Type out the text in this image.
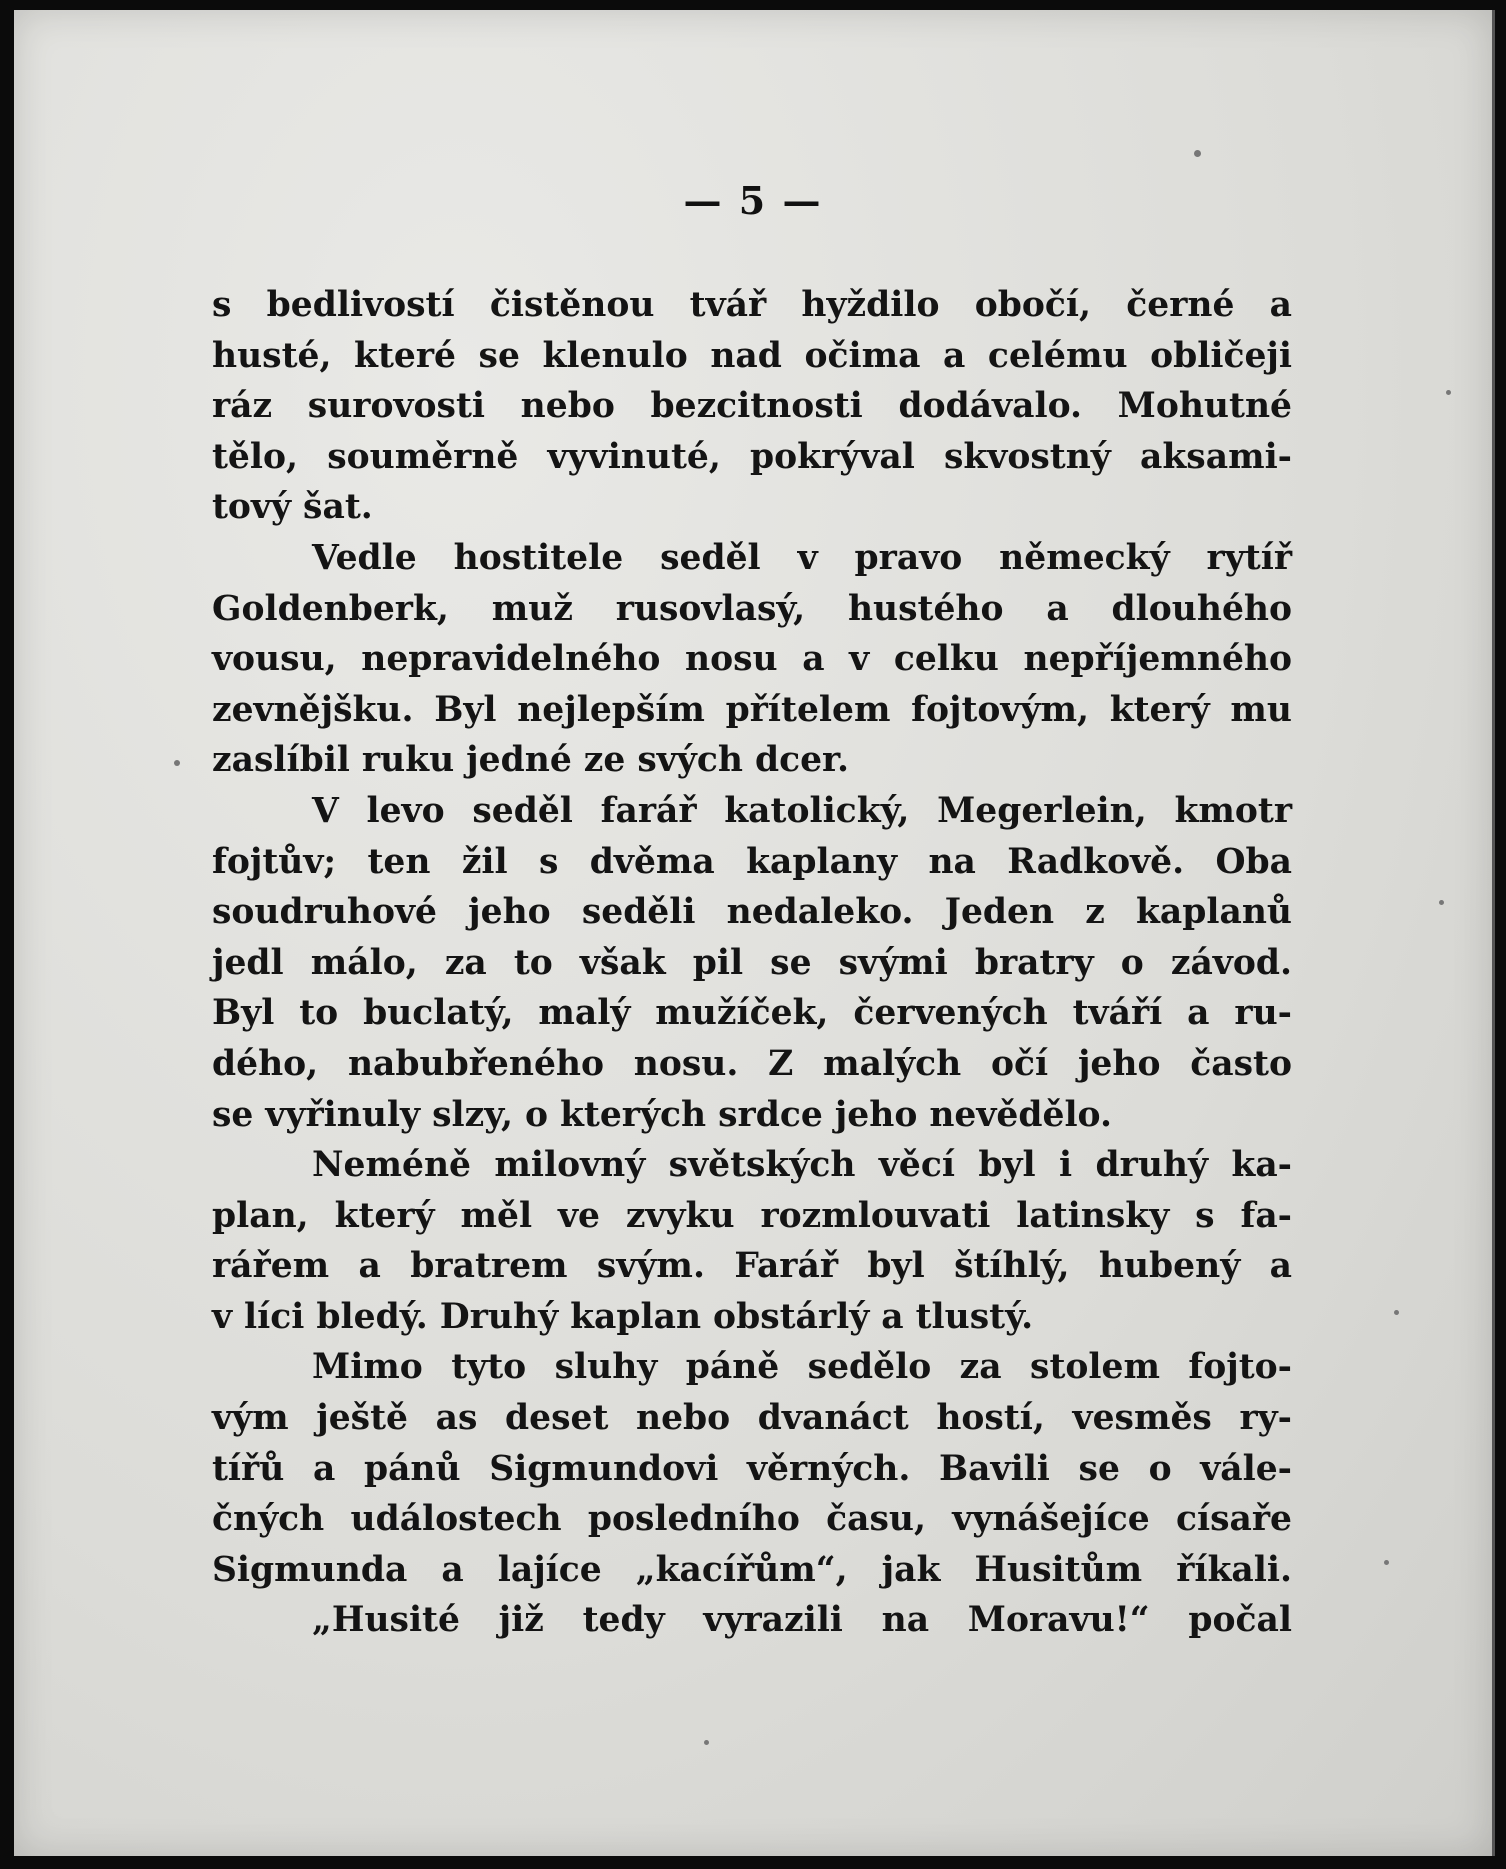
— 5 —
s bedlivostí čistěnou tvář hyždilo obočí, černé a
husté, které se klenulo nad očima a celému obličeji
ráz surovosti nebo bezcitnosti dodávalo. Mohutné
tělo, souměrně vyvinuté, pokrýval skvostný aksami-
tový šat.
Vedle hostitele seděl v pravo německý rytíř
Goldenberk, muž rusovlasý, hustého a dlouhého
vousu, nepravidelného nosu a v celku nepříjemného
zevnějšku. Byl nejlepším přítelem fojtovým, který mu
zaslíbil ruku jedné ze svých dcer.
V levo seděl farář katolický, Megerlein, kmotr
fojtův; ten žil s dvěma kaplany na Radkově. Oba
soudruhové jeho seděli nedaleko. Jeden z kaplanů
jedl málo, za to však pil se svými bratry o závod.
Byl to buclatý, malý mužíček, červených tváří a ru-
dého, nabubřeného nosu. Z malých očí jeho často
se vyřinuly slzy, o kterých srdce jeho nevědělo.
Neméně milovný světských věcí byl i druhý ka-
plan, který měl ve zvyku rozmlouvati latinsky s fa-
rářem a bratrem svým. Farář byl štíhlý, hubený a
v líci bledý. Druhý kaplan obstárlý a tlustý.
Mimo tyto sluhy páně sedělo za stolem fojto-
vým ještě as deset nebo dvanáct hostí, vesměs ry-
tířů a pánů Sigmundovi věrných. Bavili se o vále-
čných událostech posledního času, vynášejíce císaře
Sigmunda a lajíce „kacířům“, jak Husitům říkali.
„Husité již tedy vyrazili na Moravu!“ počal
